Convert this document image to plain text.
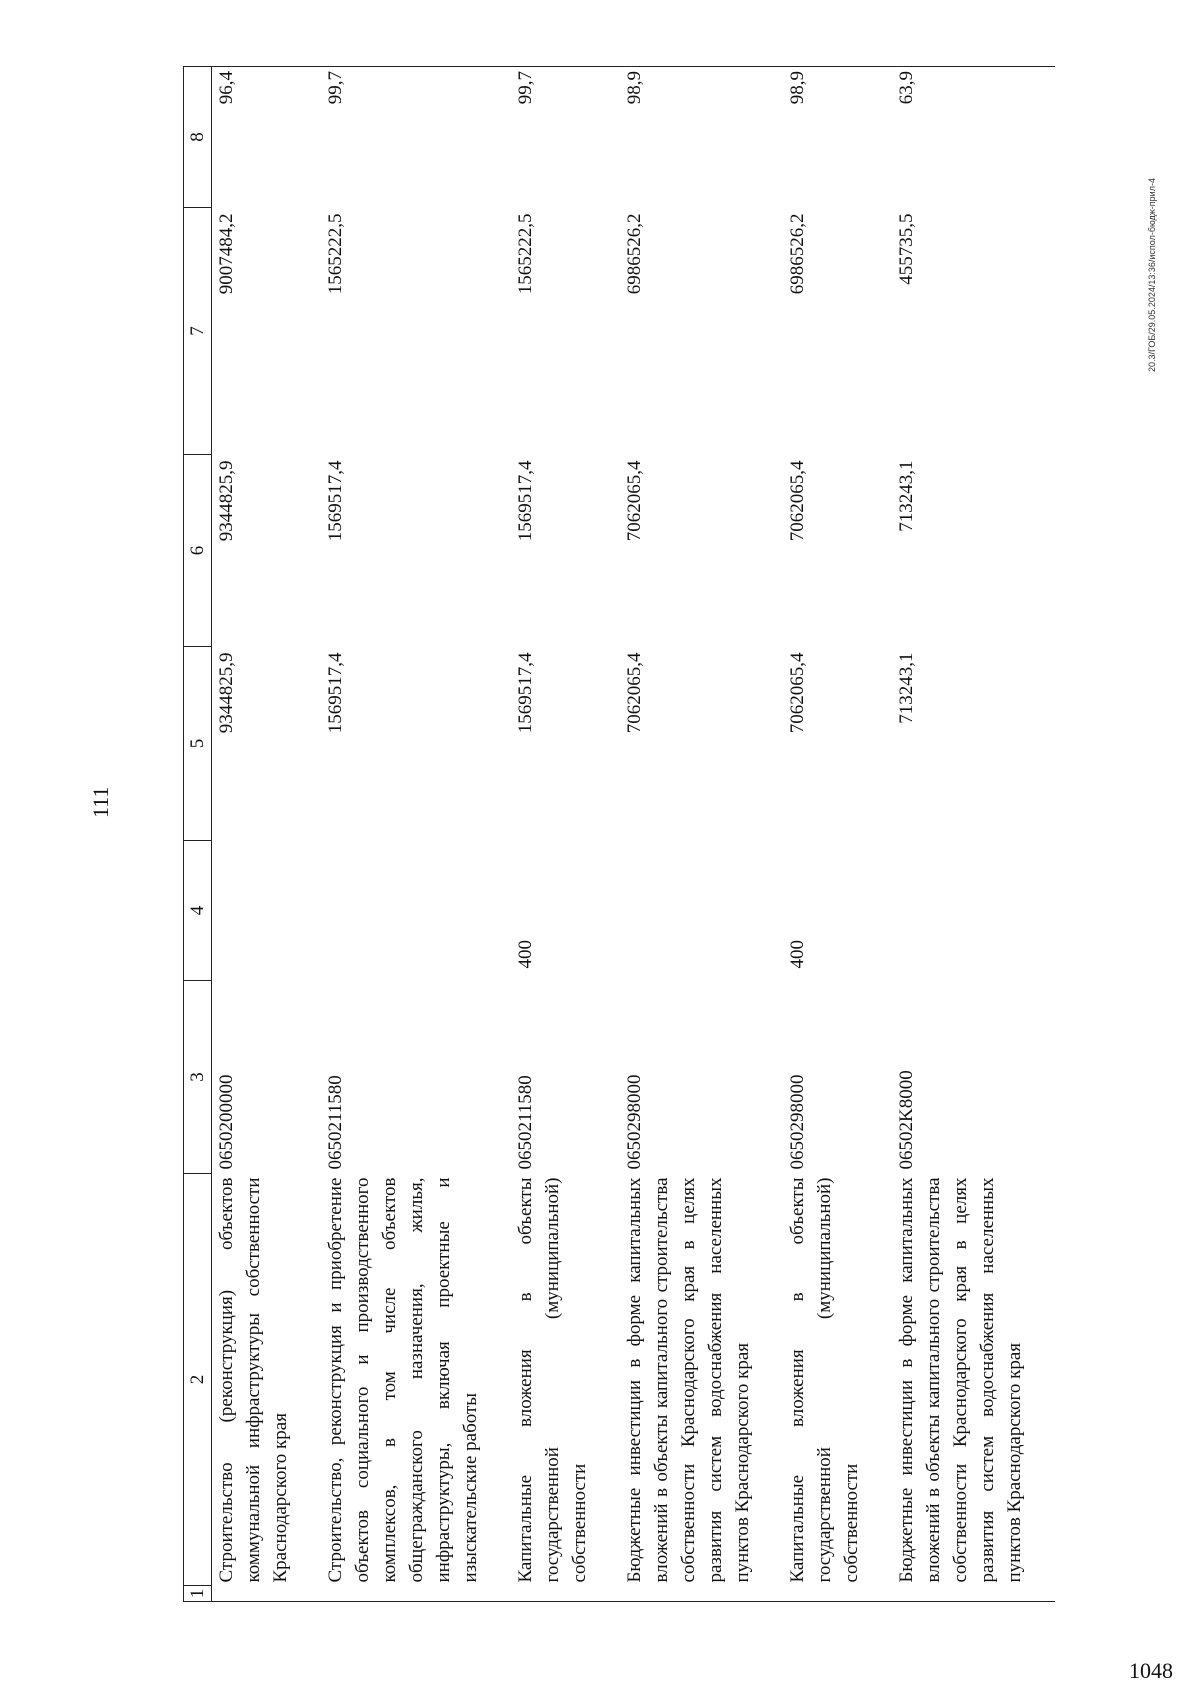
111
1	2	3	4	5	6	7	8
	Строительство (реконструкция) объектов коммунальной инфраструктуры собственности Краснодарского края	0650200000		9344825,9	9344825,9	9007484,2	96,4
	Строительство, реконструкция и приобретение объектов социального и производственного комплексов, в том числе объектов общегражданского назначения, жилья, инфраструктуры, включая проектные и изыскательские работы	0650211580		1569517,4	1569517,4	1565222,5	99,7
	Капитальные вложения в объекты государственной (муниципальной) собственности	0650211580	400	1569517,4	1569517,4	1565222,5	99,7
	Бюджетные инвестиции в форме капитальных вложений в объекты капитального строительства собственности Краснодарского края в целях развития систем водоснабжения населенных пунктов Краснодарского края	0650298000		7062065,4	7062065,4	6986526,2	98,9
	Капитальные вложения в объекты государственной (муниципальной) собственности	0650298000	400	7062065,4	7062065,4	6986526,2	98,9
	Бюджетные инвестиции в форме капитальных вложений в объекты капитального строительства собственности Краснодарского края в целях развития систем водоснабжения населенных пунктов Краснодарского края	06502K8000		713243,1	713243,1	455735,5	63,9
20.3/ГОБ/29.05.2024/13:36/испол-бюдж-прил-4
1048
